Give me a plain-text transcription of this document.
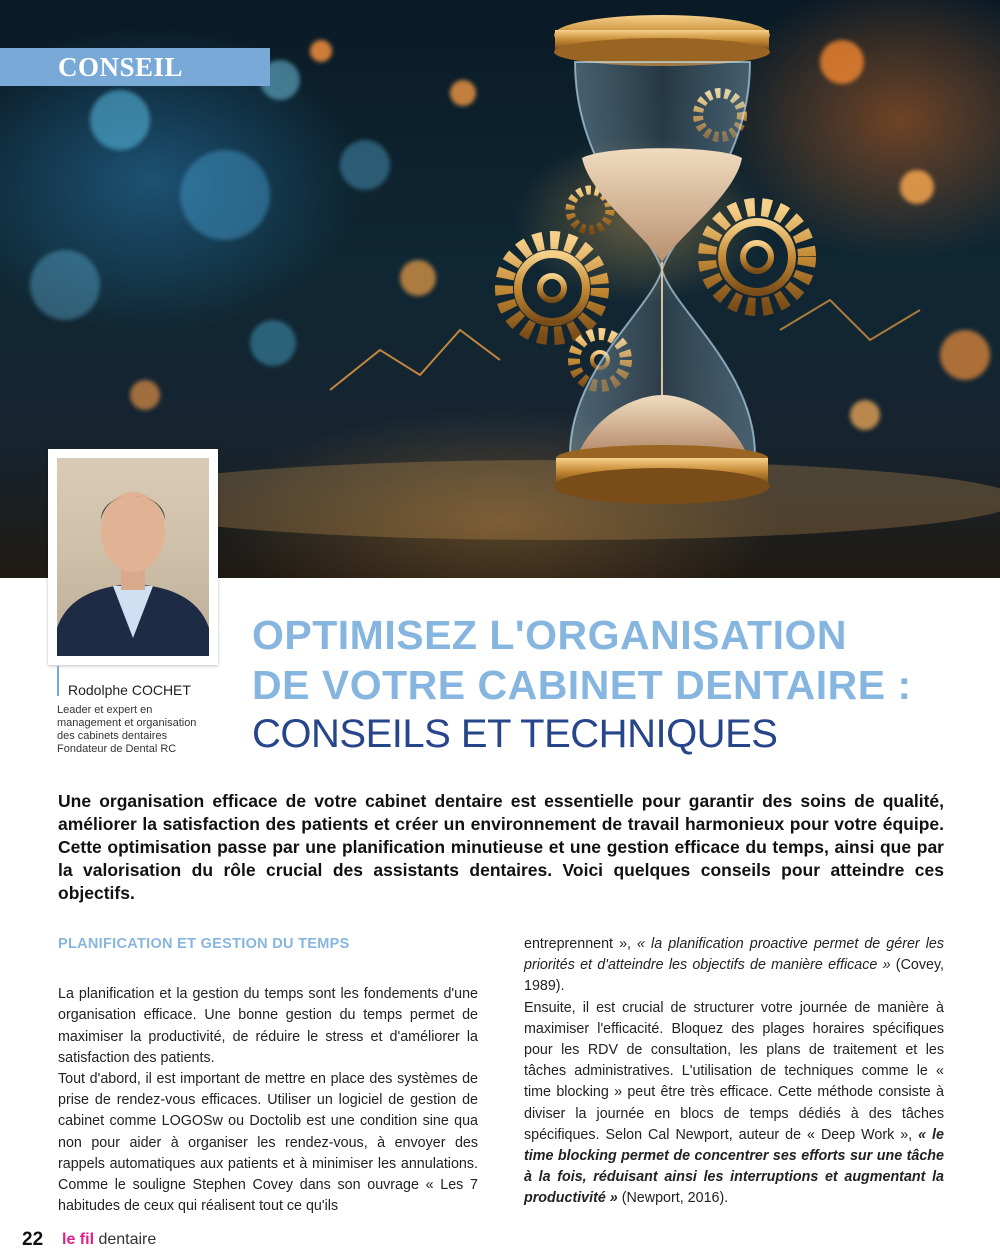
CONSEIL
Rodolphe COCHET
Leader et expert en
management et organisation
des cabinets dentaires
Fondateur de Dental RC
OPTIMISEZ L'ORGANISATION
DE VOTRE CABINET DENTAIRE :
CONSEILS ET TECHNIQUES
Une organisation efficace de votre cabinet dentaire est essentielle pour garantir des soins de qualité, améliorer la satisfaction des patients et créer un environnement de travail harmonieux pour votre équipe. Cette optimisation passe par une planification minutieuse et une gestion efficace du temps, ainsi que par la valorisation du rôle crucial des assistants dentaires. Voici quelques conseils pour atteindre ces objectifs.

PLANIFICATION ET GESTION DU TEMPS

La planification et la gestion du temps sont les fondements d'une organisation efficace. Une bonne gestion du temps permet de maximiser la productivité, de réduire le stress et d'améliorer la satisfaction des patients.

Tout d'abord, il est important de mettre en place des systèmes de prise de rendez-vous efficaces. Utiliser un logiciel de gestion de cabinet comme LOGOSw ou Doctolib est une condition sine qua non pour aider à organiser les rendez-vous, à envoyer des rappels automatiques aux patients et à minimiser les annulations. Comme le souligne Stephen Covey dans son ouvrage « Les 7 habitudes de ceux qui réalisent tout ce qu'ils

entreprennent », « la planification proactive permet de gérer les priorités et d'atteindre les objectifs de manière efficace » (Covey, 1989).

Ensuite, il est crucial de structurer votre journée de manière à maximiser l'efficacité. Bloquez des plages horaires spécifiques pour les RDV de consultation, les plans de traitement et les tâches administratives. L'utilisation de techniques comme le « time blocking » peut être très efficace. Cette méthode consiste à diviser la journée en blocs de temps dédiés à des tâches spécifiques. Selon Cal Newport, auteur de « Deep Work », « le time blocking permet de concentrer ses efforts sur une tâche à la fois, réduisant ainsi les interruptions et augmentant la productivité » (Newport, 2016).

22 le fil dentaire
